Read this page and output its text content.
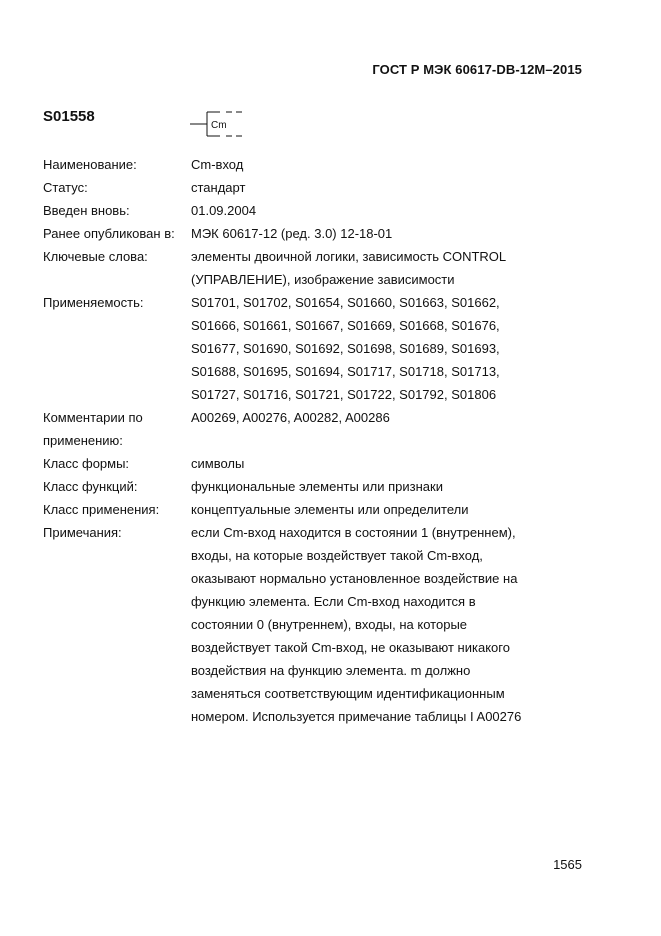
ГОСТ Р МЭК 60617-DB-12M–2015
S01558
Cm
Наименование:	Cm-вход
Статус:	стандарт
Введен вновь:	01.09.2004
Ранее опубликован в:	МЭК 60617-12 (ред. 3.0) 12-18-01
Ключевые слова:	элементы двоичной логики, зависимость CONTROL
(УПРАВЛЕНИЕ), изображение зависимости
Применяемость:	S01701, S01702, S01654, S01660, S01663, S01662,
S01666, S01661, S01667, S01669, S01668, S01676,
S01677, S01690, S01692, S01698, S01689, S01693,
S01688, S01695, S01694, S01717, S01718, S01713,
S01727, S01716, S01721, S01722, S01792, S01806
Комментарии по
применению:
A00269, A00276, A00282, A00286
Класс формы:	символы
Класс функций:	функциональные элементы или признаки
Класс применения:	концептуальные элементы или определители
Примечания:	если Cm-вход находится в состоянии 1 (внутреннем),
входы, на которые воздействует такой Cm-вход,
оказывают нормально установленное воздействие на
функцию элемента. Если Cm-вход находится в
состоянии 0 (внутреннем), входы, на которые
воздействует такой Cm-вход, не оказывают никакого
воздействия на функцию элемента. m должно
заменяться соответствующим идентификационным
номером. Используется примечание таблицы I A00276
1565
